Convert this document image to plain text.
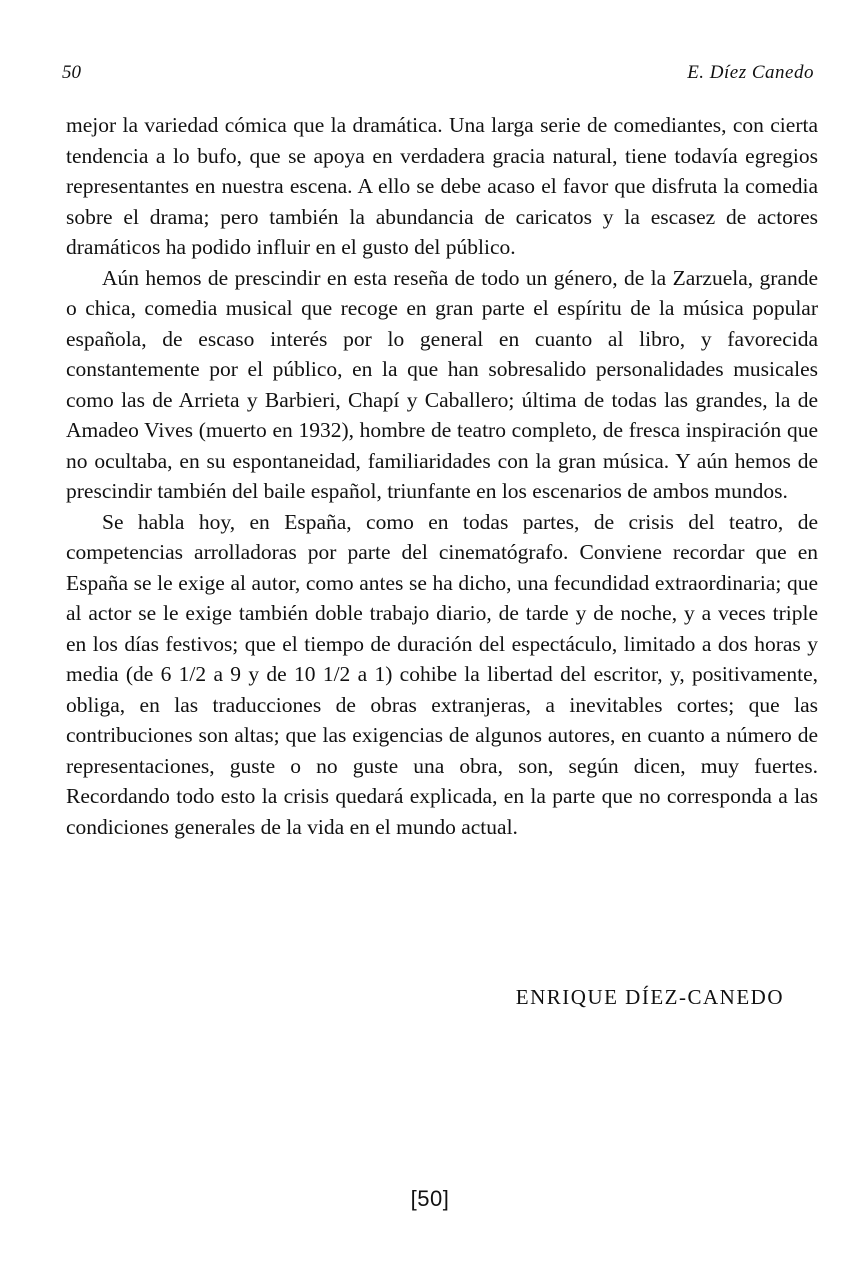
50	E. Díez Canedo

mejor la variedad cómica que la dramática. Una larga serie de comediantes, con cierta tendencia a lo bufo, que se apoya en verdadera gracia natural, tiene todavía egregios representantes en nuestra escena. A ello se debe acaso el favor que disfruta la comedia sobre el drama; pero también la abundancia de caricatos y la escasez de actores dramáticos ha podido influir en el gusto del público.

Aún hemos de prescindir en esta reseña de todo un género, de la Zarzuela, grande o chica, comedia musical que recoge en gran parte el espíritu de la música popular española, de escaso interés por lo general en cuanto al libro, y favorecida constantemente por el público, en la que han sobresalido personalidades musicales como las de Arrieta y Barbieri, Chapí y Caballero; última de todas las grandes, la de Amadeo Vives (muerto en 1932), hombre de teatro completo, de fresca inspiración que no ocultaba, en su espontaneidad, familiaridades con la gran música. Y aún hemos de prescindir también del baile español, triunfante en los escenarios de ambos mundos.

Se habla hoy, en España, como en todas partes, de crisis del teatro, de competencias arrolladoras por parte del cinematógrafo. Conviene recordar que en España se le exige al autor, como antes se ha dicho, una fecundidad extraordinaria; que al actor se le exige también doble trabajo diario, de tarde y de noche, y a veces triple en los días festivos; que el tiempo de duración del espectáculo, limitado a dos horas y media (de 6 1/2 a 9 y de 10 1/2 a 1) cohibe la libertad del escritor, y, positivamente, obliga, en las traducciones de obras extranjeras, a inevitables cortes; que las contribuciones son altas; que las exigencias de algunos autores, en cuanto a número de representaciones, guste o no guste una obra, son, según dicen, muy fuertes. Recordando todo esto la crisis quedará explicada, en la parte que no corresponda a las condiciones generales de la vida en el mundo actual.

ENRIQUE DÍEZ-CANEDO
[50]
